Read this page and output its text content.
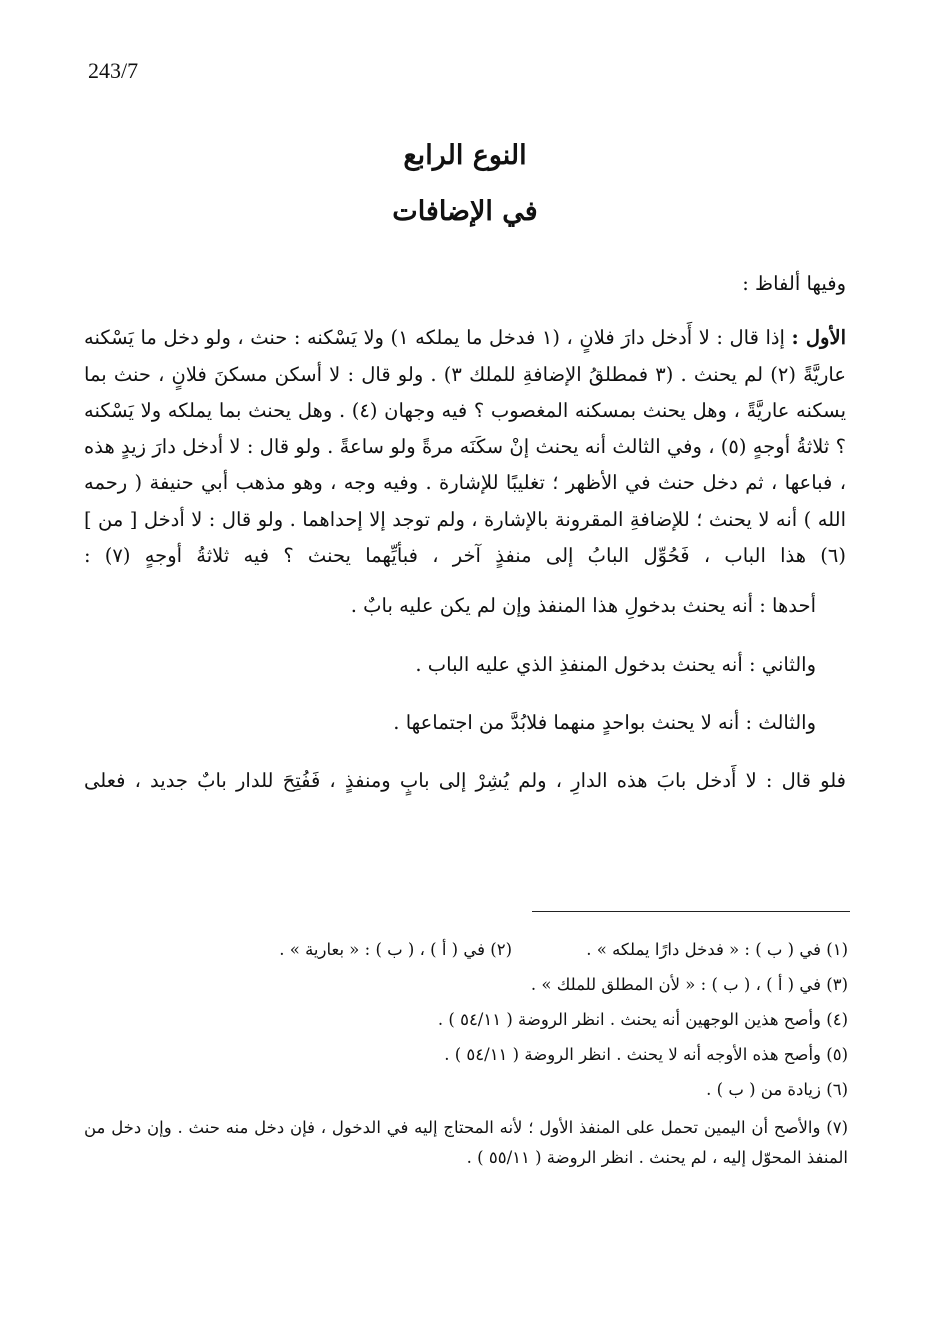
243/7
النوع الرابع
في الإضافات

وفيها ألفاظ :

الأول : إذا قال : لا أَدخل دارَ فلانٍ ، (١ فدخل ما يملكه ١) ولا يَسْكنه : حنث ، ولو دخل ما يَسْكنه عاريَّةً (٢) لم يحنث . (٣ فمطلقُ الإضافةِ للملك ٣) . ولو قال : لا أسكن مسكنَ فلانٍ ، حنث بما يسكنه عاريَّةً ، وهل يحنث بمسكنه المغصوب ؟ فيه وجهان (٤) . وهل يحنث بما يملكه ولا يَسْكنه ؟ ثلاثةُ أوجهٍ (٥) ، وفي الثالث أنه يحنث إنْ سكَنَه مرةً ولو ساعةً . ولو قال : لا أدخل دارَ زيدٍ هذه ، فباعها ، ثم دخل حنث في الأظهر ؛ تغليبًا للإشارة . وفيه وجه ، وهو مذهب أبي حنيفة ( رحمه الله ) أنه لا يحنث ؛ للإضافةِ المقرونة بالإشارة ، ولم توجد إلا إحداهما . ولو قال : لا أدخل [ من ] (٦) هذا الباب ، فَحُوِّل البابُ إلى منفذٍ آخر ، فبأيِّهما يحنث ؟ فيه ثلاثةُ أوجهٍ (٧) :

أحدها : أنه يحنث بدخولِ هذا المنفذ وإن لم يكن عليه بابٌ .

والثاني : أنه يحنث بدخول المنفذِ الذي عليه الباب .

والثالث : أنه لا يحنث بواحدٍ منهما فلابُدَّ من اجتماعها .

فلو قال : لا أَدخل بابَ هذه الدارِ ، ولم يُشِرْ إلى بابٍ ومنفذٍ ، فَفُتِحَ للدار بابٌ جديد ، فعلى

(١) في ( ب ) : « فدخل دارًا يملكه » .
(٢) في ( أ ) ، ( ب ) : « بعارية » .

(٣) في ( أ ) ، ( ب ) : « لأن المطلق للملك » .

(٤) وأصح هذين الوجهين أنه يحنث . انظر الروضة ( ٥٤/١١ ) .

(٥) وأصح هذه الأوجه أنه لا يحنث . انظر الروضة ( ٥٤/١١ ) .

(٦) زيادة من ( ب ) .

(٧) والأصح أن اليمين تحمل على المنفذ الأول ؛ لأنه المحتاج إليه في الدخول ، فإن دخل منه حنث . وإن دخل من

المنفذ المحوّل إليه ، لم يحنث . انظر الروضة ( ٥٥/١١ ) .
